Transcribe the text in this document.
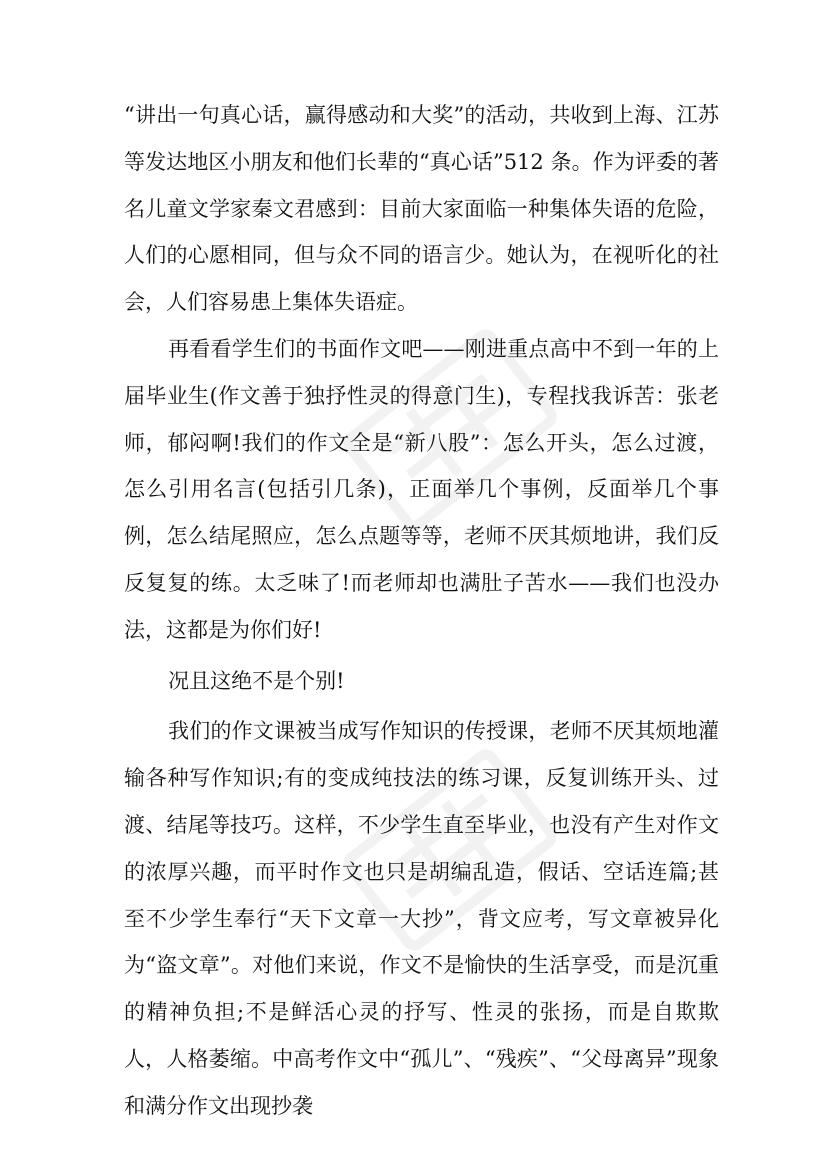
“讲出一句真心话，赢得感动和大奖”的活动，共收到上海、江苏等发达地区小朋友和他们长辈的“真心话”512 条。作为评委的著名儿童文学家秦文君感到：目前大家面临一种集体失语的危险，人们的心愿相同，但与众不同的语言少。她认为，在视听化的社会，人们容易患上集体失语症。

再看看学生们的书面作文吧——刚进重点高中不到一年的上届毕业生(作文善于独抒性灵的得意门生)，专程找我诉苦：张老师，郁闷啊!我们的作文全是“新八股”：怎么开头，怎么过渡，怎么引用名言(包括引几条)，正面举几个事例，反面举几个事例，怎么结尾照应，怎么点题等等，老师不厌其烦地讲，我们反反复复的练。太乏味了!而老师却也满肚子苦水——我们也没办法，这都是为你们好!

况且这绝不是个别!

我们的作文课被当成写作知识的传授课，老师不厌其烦地灌输各种写作知识;有的变成纯技法的练习课，反复训练开头、过渡、结尾等技巧。这样，不少学生直至毕业，也没有产生对作文的浓厚兴趣，而平时作文也只是胡编乱造，假话、空话连篇;甚至不少学生奉行“天下文章一大抄”，背文应考，写文章被异化为“盗文章”。对他们来说，作文不是愉快的生活享受，而是沉重的精神负担;不是鲜活心灵的抒写、性灵的张扬，而是自欺欺人，人格萎缩。中高考作文中“孤儿”、“残疾”、“父母离异”现象和满分作文出现抄袭
